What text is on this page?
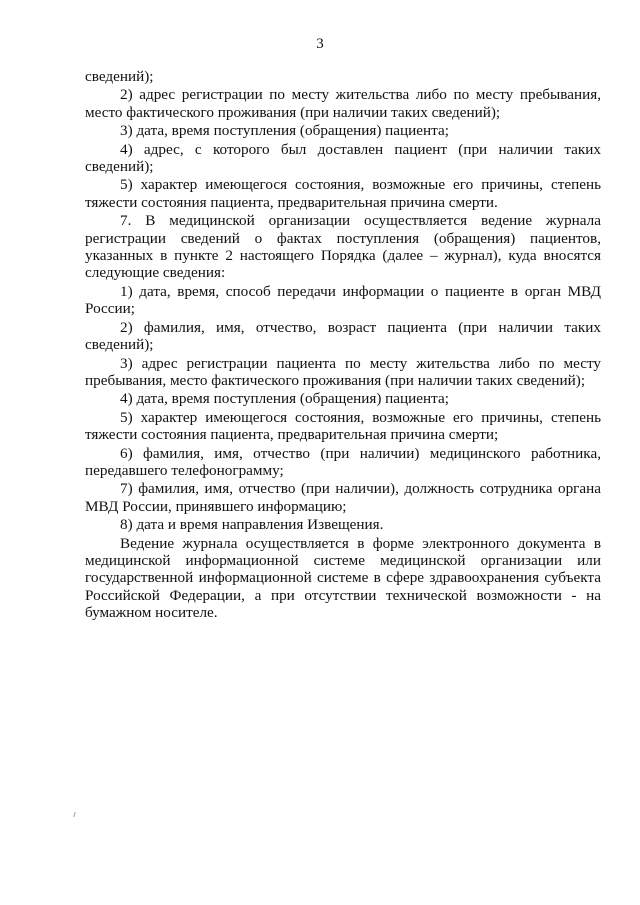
3

сведений);

2) адрес регистрации по месту жительства либо по месту пребывания, место фактического проживания (при наличии таких сведений);

3) дата, время поступления (обращения) пациента;

4) адрес, с которого был доставлен пациент (при наличии таких сведений);

5) характер имеющегося состояния, возможные его причины, степень тяжести состояния пациента, предварительная причина смерти.

7. В медицинской организации осуществляется ведение журнала регистрации сведений о фактах поступления (обращения) пациентов, указанных в пункте 2 настоящего Порядка (далее – журнал), куда вносятся следующие сведения:

1) дата, время, способ передачи информации о пациенте в орган МВД России;

2) фамилия, имя, отчество, возраст пациента (при наличии таких сведений);

3) адрес регистрации пациента по месту жительства либо по месту пребывания, место фактического проживания (при наличии таких сведений);

4) дата, время поступления (обращения) пациента;

5) характер имеющегося состояния, возможные его причины, степень тяжести состояния пациента, предварительная причина смерти;

6) фамилия, имя, отчество (при наличии) медицинского работника, передавшего телефонограмму;

7) фамилия, имя, отчество (при наличии), должность сотрудника органа МВД России, принявшего информацию;

8) дата и время направления Извещения.

Ведение журнала осуществляется в форме электронного документа в медицинской информационной системе медицинской организации или государственной информационной системе в сфере здравоохранения субъекта Российской Федерации, а при отсутствии технической возможности - на бумажном носителе.
